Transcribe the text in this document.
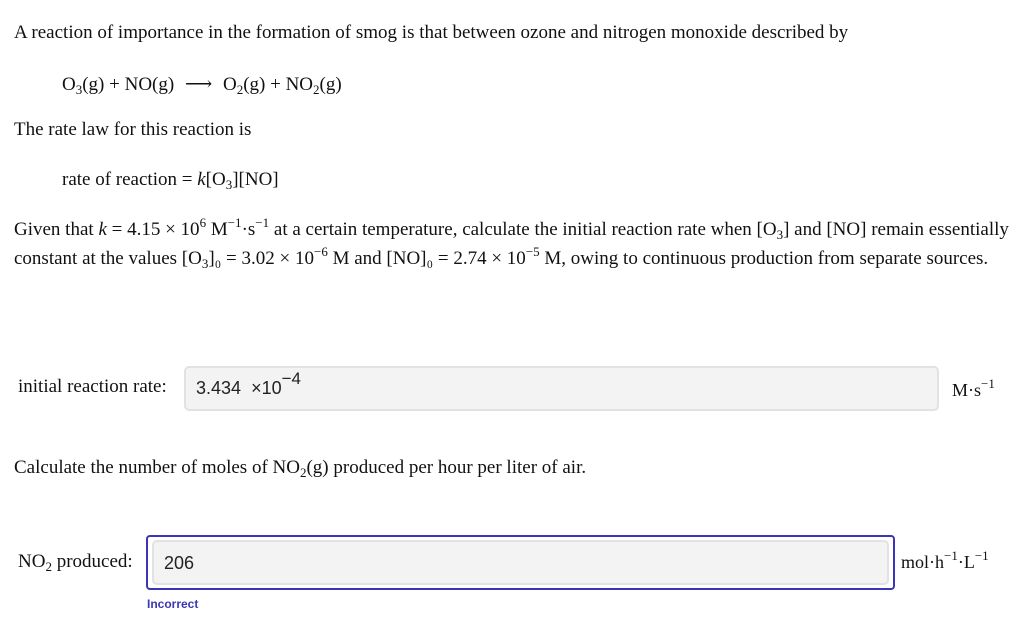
A reaction of importance in the formation of smog is that between ozone and nitrogen monoxide described by
$O_3(g) + NO(g)$ ⟶ $O_2(g) + NO_2(g)$
The rate law for this reaction is
rate of reaction = $k[O_3][NO]$
Given that $k = 4.15 \times 10^6$ $M^{-1}\cdot s^{-1}$ at a certain temperature, calculate the initial reaction rate when $[O_3]$ and [NO] remain essentially constant at the values $[O_3]_0 = 3.02 \times 10^{-6}$ M and $[NO]_0 = 2.74 \times 10^{-5}$ M, owing to continuous production from separate sources.
initial reaction rate: $3.434 \times 10^{-4}$
$M\cdot s^{-1}$
Calculate the number of moles of $NO_2(g)$ produced per hour per liter of air.
$NO_2$ produced: 206	$mol\cdot h^{-1}\cdot L^{-1}$
Incorrect
